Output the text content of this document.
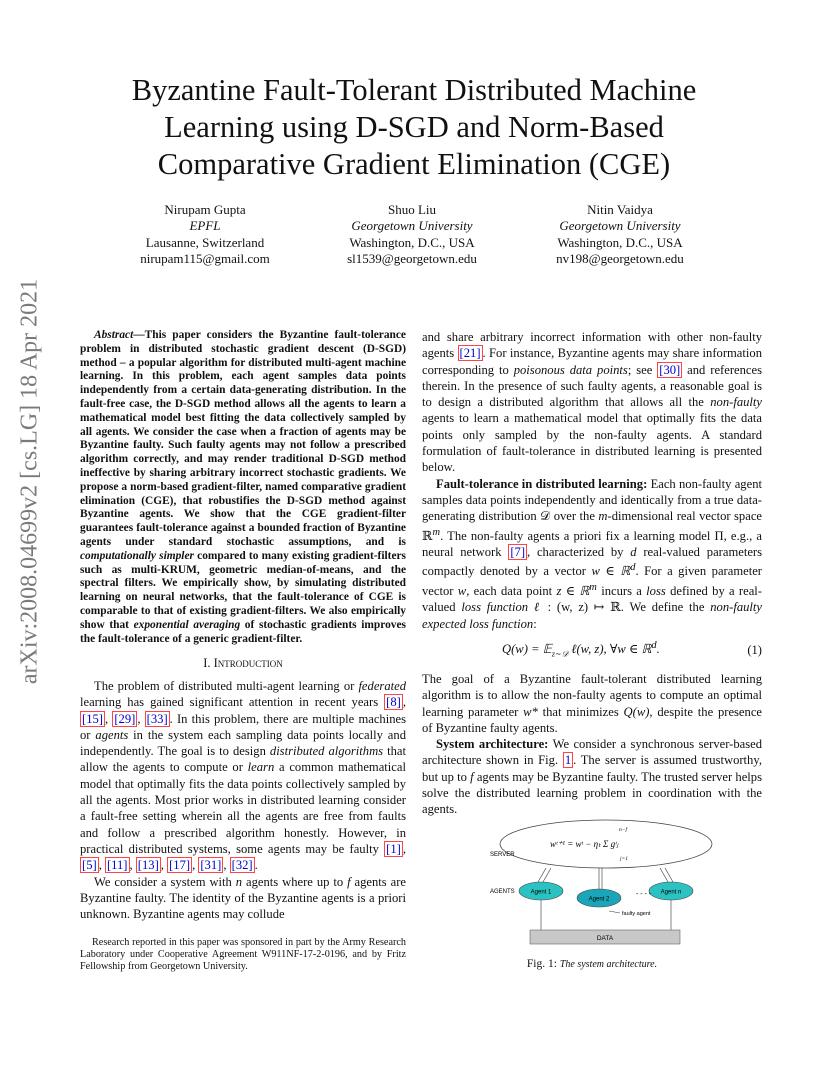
arXiv:2008.04699v2 [cs.LG] 18 Apr 2021
Byzantine Fault-Tolerant Distributed Machine
Learning using D-SGD and Norm-Based
Comparative Gradient Elimination (CGE)
Nirupam Gupta
EPFL
Lausanne, Switzerland
nirupam115@gmail.com
Shuo Liu
Georgetown University
Washington, D.C., USA
sl1539@georgetown.edu
Nitin Vaidya
Georgetown University
Washington, D.C., USA
nv198@georgetown.edu

Abstract—This paper considers the Byzantine fault-tolerance problem in distributed stochastic gradient descent (D-SGD) method – a popular algorithm for distributed multi-agent machine learning. In this problem, each agent samples data points independently from a certain data-generating distribution. In the fault-free case, the D-SGD method allows all the agents to learn a mathematical model best fitting the data collectively sampled by all agents. We consider the case when a fraction of agents may be Byzantine faulty. Such faulty agents may not follow a prescribed algorithm correctly, and may render traditional D-SGD method ineffective by sharing arbitrary incorrect stochastic gradients. We propose a norm-based gradient-filter, named comparative gradient elimination (CGE), that robustifies the D-SGD method against Byzantine agents. We show that the CGE gradient-filter guarantees fault-tolerance against a bounded fraction of Byzantine agents under standard stochastic assumptions, and is computationally simpler compared to many existing gradient-filters such as multi-KRUM, geometric median-of-means, and the spectral filters. We empirically show, by simulating distributed learning on neural networks, that the fault-tolerance of CGE is comparable to that of existing gradient-filters. We also empirically show that exponential averaging of stochastic gradients improves the fault-tolerance of a generic gradient-filter.

I. Introduction

The problem of distributed multi-agent learning or federated learning has gained significant attention in recent years [8] , [15] , [29] , [33] . In this problem, there are multiple machines or agents in the system each sampling data points locally and independently. The goal is to design distributed algorithms that allow the agents to compute or learn a common mathematical model that optimally fits the data points collectively sampled by all the agents. Most prior works in distributed learning consider a fault-free setting wherein all the agents are free from faults and follow a prescribed algorithm honestly. However, in practical distributed systems, some agents may be faulty [1] , [5] , [11] , [13] , [17] , [31] , [32] .

We consider a system with n agents where up to f agents are Byzantine faulty. The identity of the Byzantine agents is a priori unknown. Byzantine agents may collude

Research reported in this paper was sponsored in part by the Army Research Laboratory under Cooperative Agreement W911NF-17-2-0196, and by Fritz Fellowship from Georgetown University.

and share arbitrary incorrect information with other non-faulty agents [21] . For instance, Byzantine agents may share information corresponding to poisonous data points; see [30] and references therein. In the presence of such faulty agents, a reasonable goal is to design a distributed algorithm that allows all the non-faulty agents to learn a mathematical model that optimally fits the data points only sampled by the non-faulty agents. A standard formulation of fault-tolerance in distributed learning is presented below.

Fault-tolerance in distributed learning: Each non-faulty agent samples data points independently and identically from a true data-generating distribution 𝒟 over the m-dimensional real vector space ℝ$^m$. The non-faulty agents a priori fix a learning model Π, e.g., a neural network [7] , characterized by d real-valued parameters compactly denoted by a vector w ∈ ℝ$^d$. For a given parameter vector w, each data point z ∈ ℝ$^m$ incurs a loss defined by a real-valued loss function ℓ : (w, z) ↦ ℝ. We define the non-faulty expected loss function:

Q(w) = 𝔼$_{z\sim 𝒟}$ ℓ(w, z), ∀w ∈ ℝ$^d$.	(1)

The goal of a Byzantine fault-tolerant distributed learning algorithm is to allow the non-faulty agents to compute an optimal learning parameter w* that minimizes Q(w), despite the presence of Byzantine faulty agents.

System architecture: We consider a synchronous server-based architecture shown in Fig. 1 . The server is assumed trustworthy, but up to f agents may be Byzantine faulty. The trusted server helps solve the distributed learning problem in coordination with the agents.

SERVER
wᵗ⁺¹ = wᵗ − ηₜ Σ gᵗⱼ
n−f
j=1
AGENTS	Agent 1
Agent 2
Agent n
- - - -
faulty agent
DATA
Fig. 1: The system architecture.
